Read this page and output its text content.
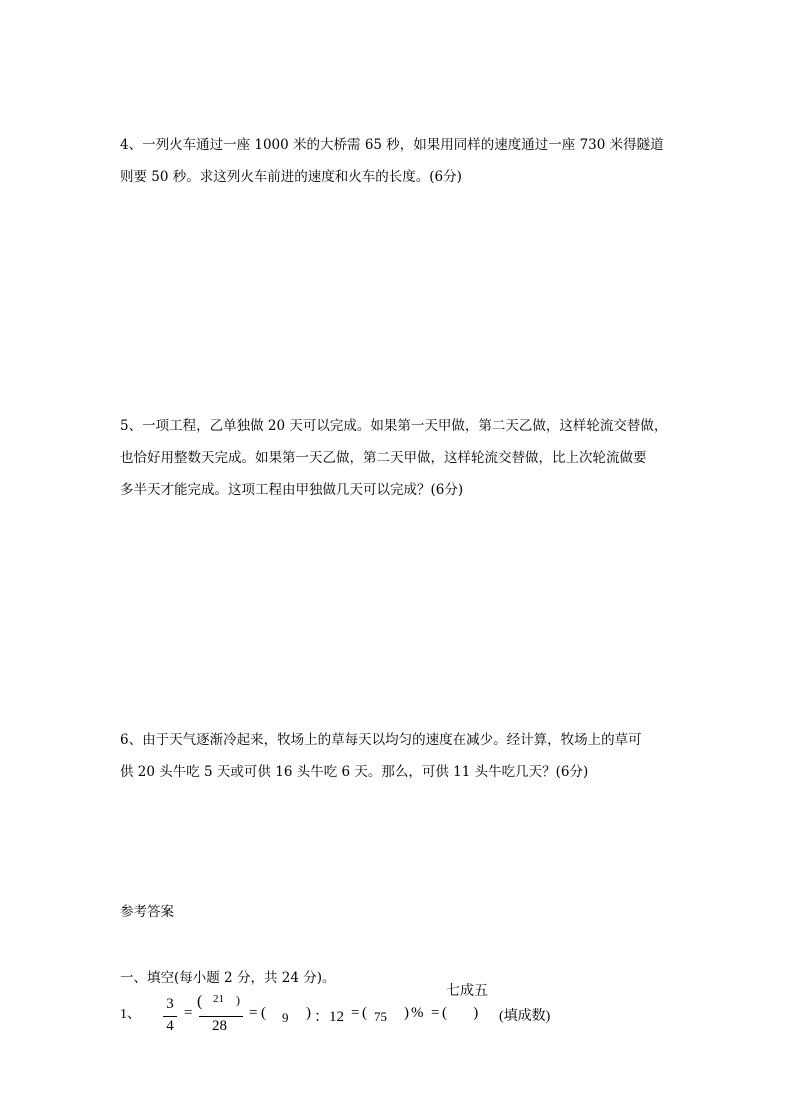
4、一列火车通过一座 1000 米的大桥需 65 秒，如果用同样的速度通过一座 730 米得隧道
则要 50 秒。求这列火车前进的速度和火车的长度。(6分)
5、一项工程，乙单独做 20 天可以完成。如果第一天甲做，第二天乙做，这样轮流交替做，
也恰好用整数天完成。如果第一天乙做，第二天甲做，这样轮流交替做，比上次轮流做要
多半天才能完成。这项工程由甲独做几天可以完成？(6分)
6、由于天气逐渐冷起来，牧场上的草每天以均匀的速度在减少。经计算，牧场上的草可
供 20 头牛吃 5 天或可供 16 头牛吃 6 天。那么，可供 11 头牛吃几天？(6分)
参考答案
一、填空(每小题 2 分，共 24 分)。
1、
3
4
=
( 21 )
28
= ( 9 ) ：12 = ( 75 ) % =
七成五
(       ) (填成数)
